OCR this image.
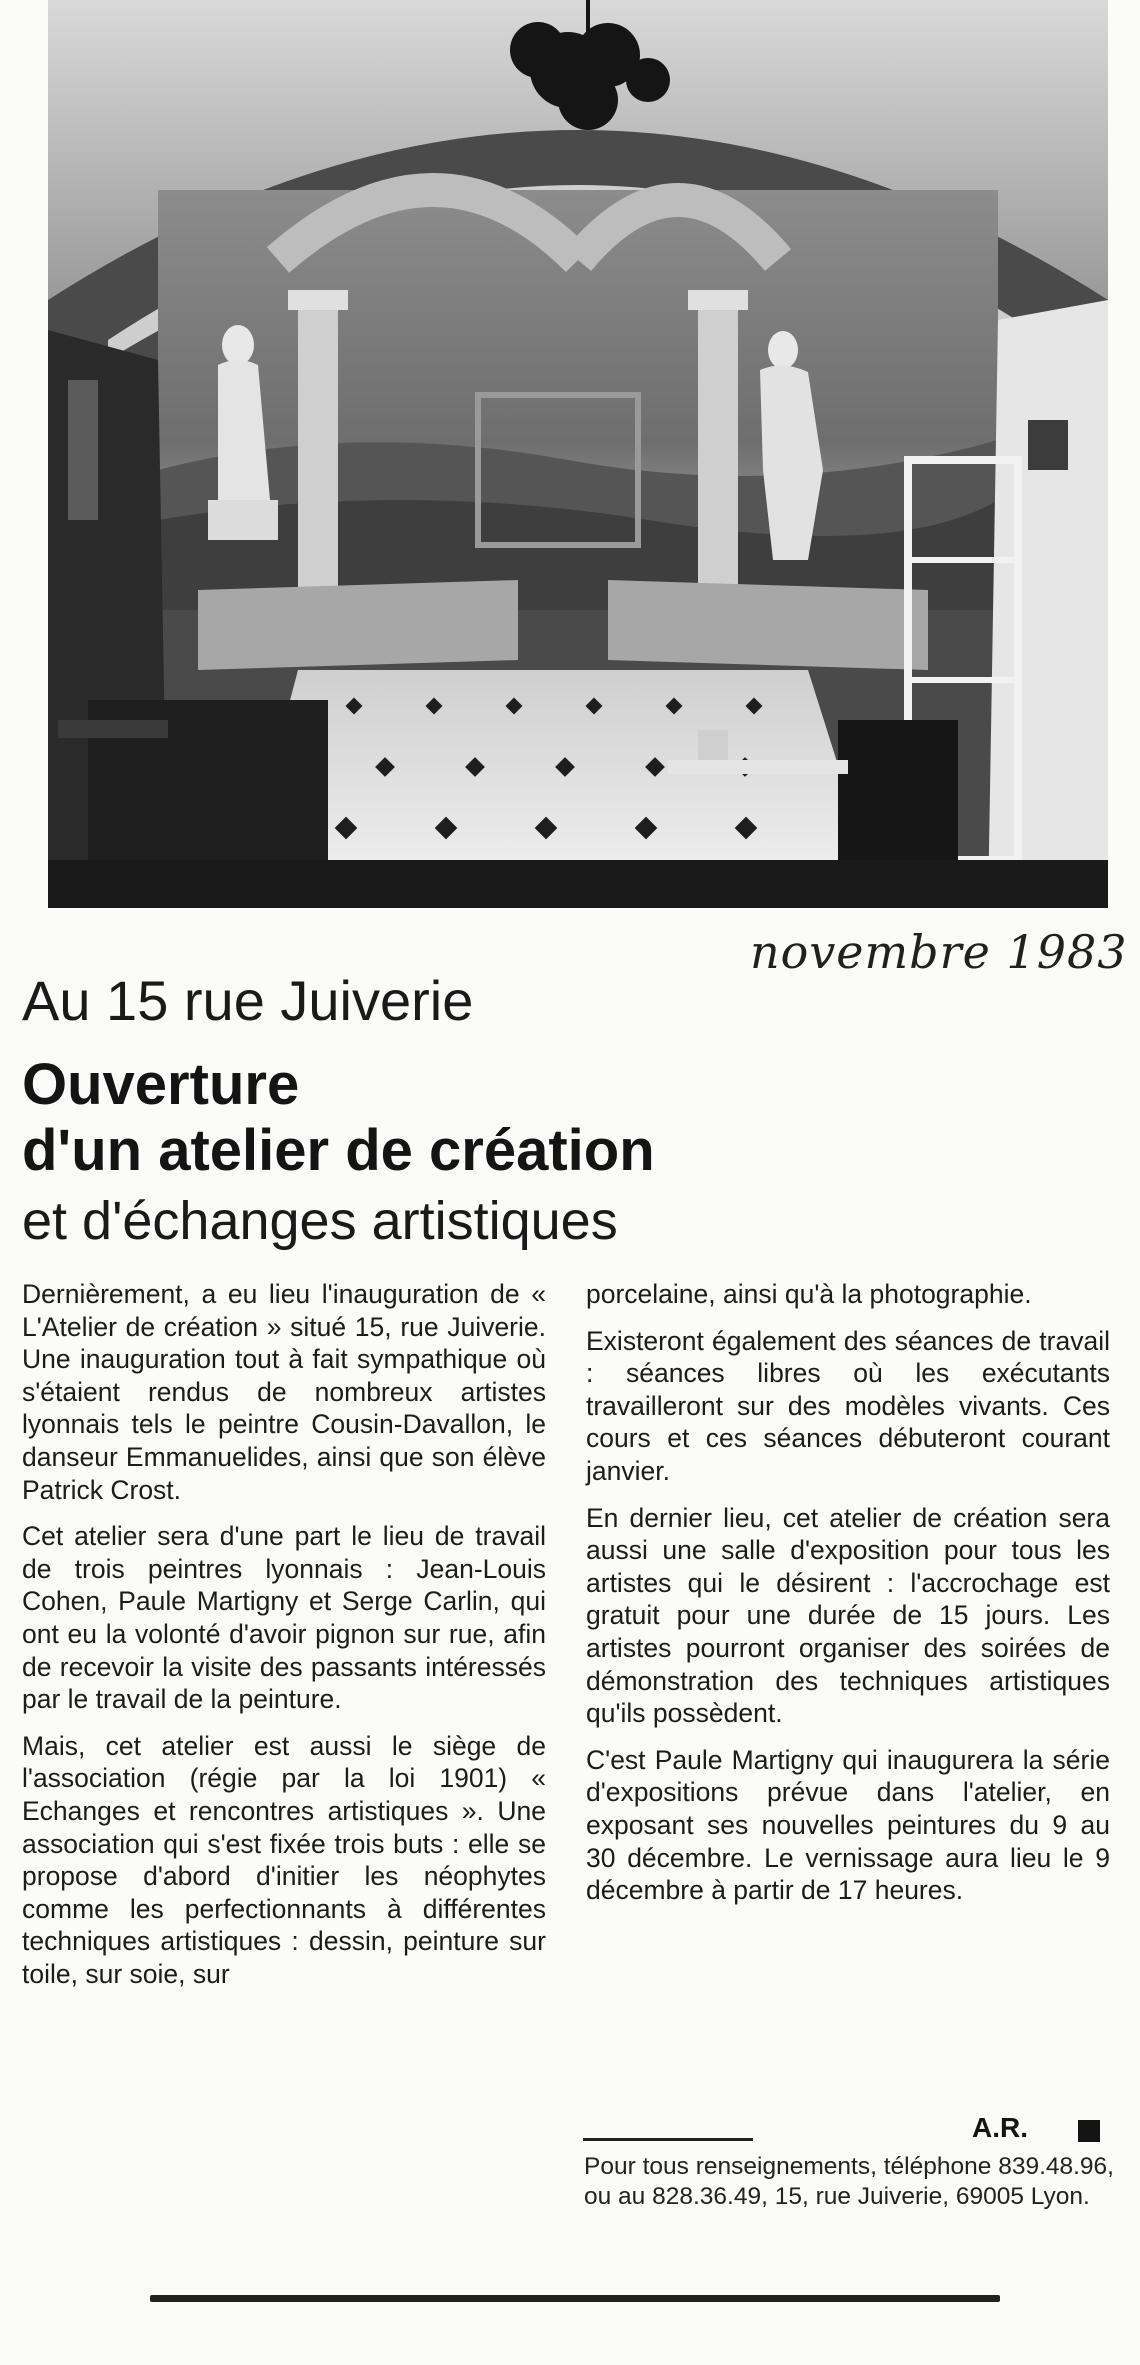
novembre 1983
Au 15 rue Juiverie
Ouverture
d'un atelier de création
et d'échanges artistiques

Dernièrement, a eu lieu l'inauguration de « L'Atelier de création » situé 15, rue Juiverie. Une inauguration tout à fait sympathique où s'étaient rendus de nombreux artistes lyonnais tels le peintre Cousin-Davallon, le danseur Emmanuelides, ainsi que son élève Patrick Crost.

Cet atelier sera d'une part le lieu de travail de trois peintres lyonnais : Jean-Louis Cohen, Paule Martigny et Serge Carlin, qui ont eu la volonté d'avoir pignon sur rue, afin de recevoir la visite des passants intéressés par le travail de la peinture.

Mais, cet atelier est aussi le siège de l'association (régie par la loi 1901) « Echanges et rencontres artistiques ». Une association qui s'est fixée trois buts : elle se propose d'abord d'initier les néophytes comme les perfectionnants à différentes techniques artistiques : dessin, peinture sur toile, sur soie, sur

porcelaine, ainsi qu'à la photographie.

Existeront également des séances de travail : séances libres où les exécutants travailleront sur des modèles vivants. Ces cours et ces séances débuteront courant janvier.

En dernier lieu, cet atelier de création sera aussi une salle d'exposition pour tous les artistes qui le désirent : l'accrochage est gratuit pour une durée de 15 jours. Les artistes pourront organiser des soirées de démonstration des techniques artistiques qu'ils possèdent.

C'est Paule Martigny qui inaugurera la série d'expositions prévue dans l'atelier, en exposant ses nouvelles peintures du 9 au 30 décembre. Le vernissage aura lieu le 9 décembre à partir de 17 heures.

A.R.
Pour tous renseignements, téléphone 839.48.96, ou au 828.36.49, 15, rue Juiverie, 69005 Lyon.
